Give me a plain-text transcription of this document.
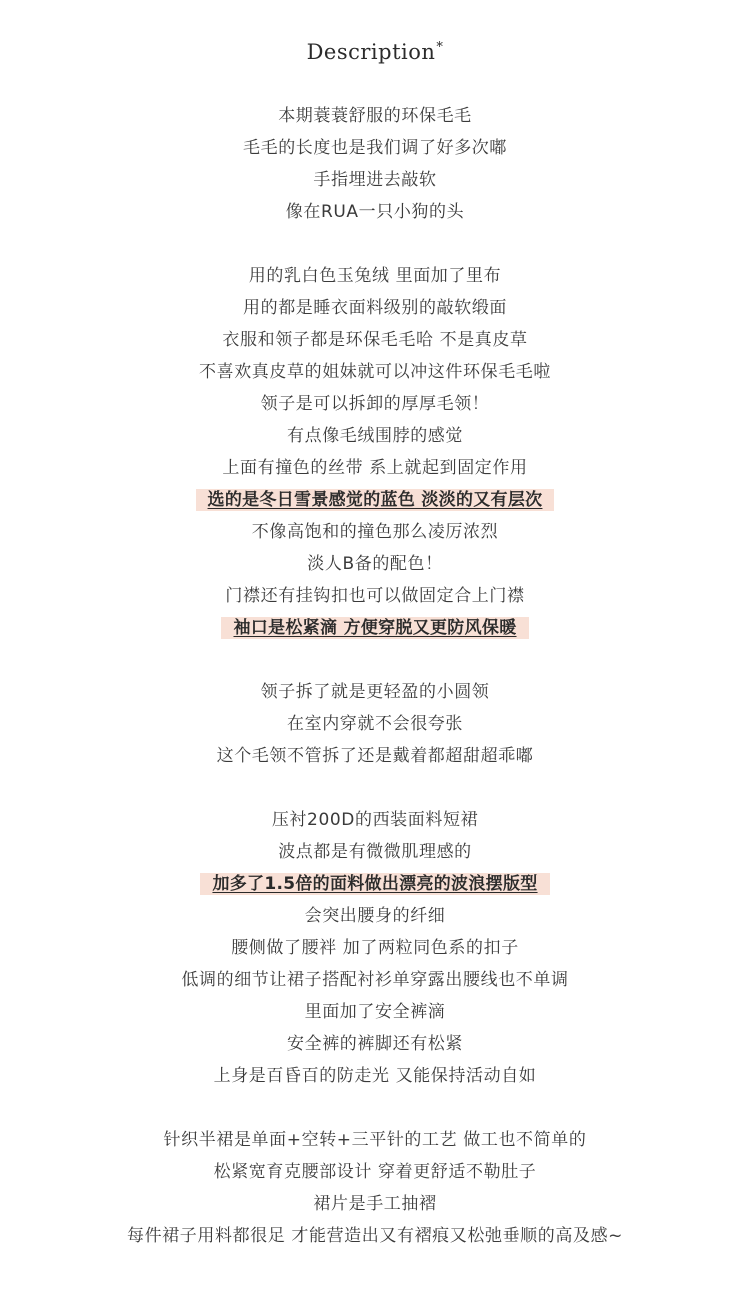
Description*
本期蓑蓑舒服的环保毛毛
毛毛的长度也是我们调了好多次嘟
手指埋进去敲软
像在RUA一只小狗的头
用的乳白色玉兔绒 里面加了里布
用的都是睡衣面料级别的敲软缎面
衣服和领子都是环保毛毛哈 不是真皮草
不喜欢真皮草的姐妹就可以冲这件环保毛毛啦
领子是可以拆卸的厚厚毛领！
有点像毛绒围脖的感觉
上面有撞色的丝带 系上就起到固定作用
选的是冬日雪景感觉的蓝色 淡淡的又有层次
不像高饱和的撞色那么凌厉浓烈
淡人B备的配色！
门襟还有挂钩扣也可以做固定合上门襟
袖口是松紧滴 方便穿脱又更防风保暖
领子拆了就是更轻盈的小圆领
在室内穿就不会很夸张
这个毛领不管拆了还是戴着都超甜超乖嘟
压衬200D的西装面料短裙
波点都是有微微肌理感的
加多了1.5倍的面料做出漂亮的波浪摆版型
会突出腰身的纤细
腰侧做了腰袢 加了两粒同色系的扣子
低调的细节让裙子搭配衬衫单穿露出腰线也不单调
里面加了安全裤滴
安全裤的裤脚还有松紧
上身是百昏百的防走光 又能保持活动自如
针织半裙是单面+空转+三平针的工艺 做工也不简单的
松紧宽育克腰部设计 穿着更舒适不勒肚子
裙片是手工抽褶
每件裙子用料都很足 才能营造出又有褶痕又松弛垂顺的高及感~
